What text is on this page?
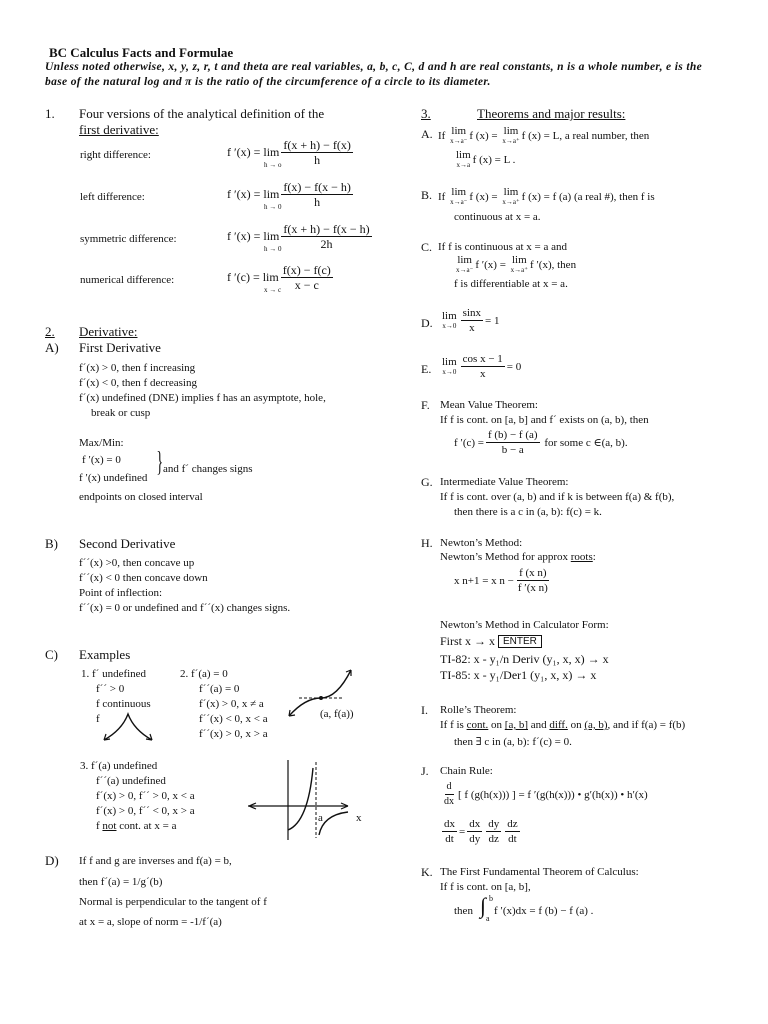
BC Calculus Facts and Formulae
Unless noted otherwise, x, y, z, r, t and theta are real variables, a, b, c, C, d and h are real constants, n is a whole number, e is the base of the natural log and π is the ratio of the circumference of a circle to its diameter.
1. Four versions of the analytical definition of the
first derivative:
right difference:	f $'(x) = \lim \frac{f(x + h) - f(x)}{h}$
h → o
left difference:	f $'(x) = \lim \frac{f(x) - f(x - h)}{h}$
h → 0
symmetric difference:	f $'(x) = \lim \frac{f(x + h) - f(x - h)}{2h}$
h → 0
numerical difference:	f $'(c) = \lim \frac{f(x) - f(c)}{x - c}$
x → c
2. Derivative:
A) First Derivative
f´(x) > 0, then f increasing
f´(x) < 0, then f decreasing
f´(x) undefined (DNE) implies f has an asymptote, hole,
break or cusp
Max/Min:
f ′(x) = 0
f ′(x) undefined } and f´ changes signs
endpoints on closed interval
B) Second Derivative
f´´(x) >0, then concave up
f´´(x) < 0 then concave down
Point of inflection:
f´´(x) = 0 or undefined and f´´(x) changes signs.
C) Examples
1. f´ undefined
f´´ > 0
f continuous
f
2. f´(a) = 0
f´´(a) = 0
f´(x) > 0, x ≠ a
f´´(x) < 0, x < a
f´´(x) > 0, x > a
(a, f(a))
3. f´(a) undefined
f´´(a) undefined
f´(x) > 0, f´´ > 0, x < a
f´(x) > 0, f´´ < 0, x > a
f not cont. at x = a
a	x
D) If f and g are inverses and f(a) = b,
then f´(a) = 1/g´(b)
Normal is perpendicular to the tangent of f
at x = a, slope of norm = -1/f´(a)
3.	Theorems and major results:
A. If
lim
x→a⁻ f (x) =
lim
x→a⁺ f (x) = L, a real number, then
lim
x→a f (x) = L .
B. If
lim
x→a⁻ f (x) =
lim
x→a⁺ f (x) = f (a) (a real #), then f is
continuous at x = a.
C. If f is continuous at x = a and
lim
x→a⁻ f ′(x) =
lim
x→a⁺ f ′(x), then
f is differentiable at x = a.
D. lim
$x\to 0 \frac{\sin x}{x} = 1$
E. lim
$x\to 0 \frac{\text{cos x − 1}}{x} = 0$
F. Mean Value Theorem:
If f is cont. on [a, b] and f´ exists on (a, b), then
f $'(c) = \frac{f (b) - f (a)}{b - a}$
for some c ∈(a, b).
G. Intermediate Value Theorem:
If f is cont. over (a, b) and if k is between f(a) & f(b),
then there is a c in (a, b): f(c) = k.
H. Newton’s Method:
Newton’s Method for approx roots:
x n+1 = x $n - \frac{\text{f (x n)}}{\text{f ′(x n)}}$
Newton’s Method in Calculator Form:
First x → x
ENTER
TI-82: x - y₁/n Deriv (y₁, x, x) → x
TI-85: x - y₁/Der1 (y₁, x, x) → x
I. Rolle’s Theorem:
If f is cont. on [a, b] and diff. on (a, b), and if f(a) = f(b)
then ∃ c in (a, b): f´(c) = 0.
J. Chain Rule:
$\frac{d}{dx}$ [ f (g(h(x))) ] = f ′(g(h(x))) • g′(h(x)) • h′(x)
$\frac{dx}{dt} = \frac{dx}{dy} \frac{dy}{dz} \frac{dz}{dt}$
K. The First Fundamental Theorem of Calculus:
If f is cont. on [a, b],
then ∫ b
a
f ′(x)dx = f (b) − f (a) .
